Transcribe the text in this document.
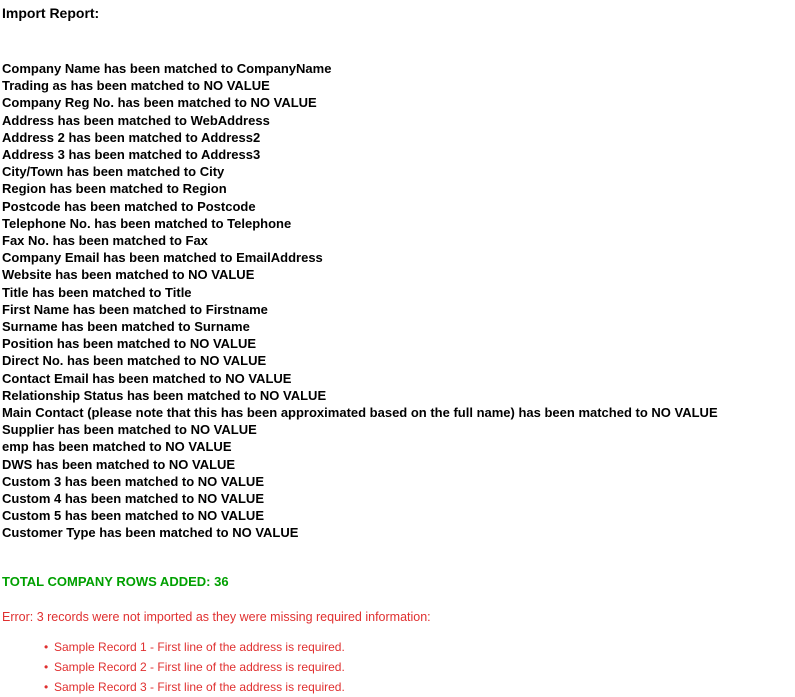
Import Report:
Company Name has been matched to CompanyName
Trading as has been matched to NO VALUE
Company Reg No. has been matched to NO VALUE
Address has been matched to WebAddress
Address 2 has been matched to Address2
Address 3 has been matched to Address3
City/Town has been matched to City
Region has been matched to Region
Postcode has been matched to Postcode
Telephone No. has been matched to Telephone
Fax No. has been matched to Fax
Company Email has been matched to EmailAddress
Website has been matched to NO VALUE
Title has been matched to Title
First Name has been matched to Firstname
Surname has been matched to Surname
Position has been matched to NO VALUE
Direct No. has been matched to NO VALUE
Contact Email has been matched to NO VALUE
Relationship Status has been matched to NO VALUE
Main Contact (please note that this has been approximated based on the full name) has been matched to NO VALUE
Supplier has been matched to NO VALUE
emp has been matched to NO VALUE
DWS has been matched to NO VALUE
Custom 3 has been matched to NO VALUE
Custom 4 has been matched to NO VALUE
Custom 5 has been matched to NO VALUE
Customer Type has been matched to NO VALUE
TOTAL COMPANY ROWS ADDED: 36
Error: 3 records were not imported as they were missing required information:
• Sample Record 1 - First line of the address is required.
• Sample Record 2 - First line of the address is required.
• Sample Record 3 - First line of the address is required.
